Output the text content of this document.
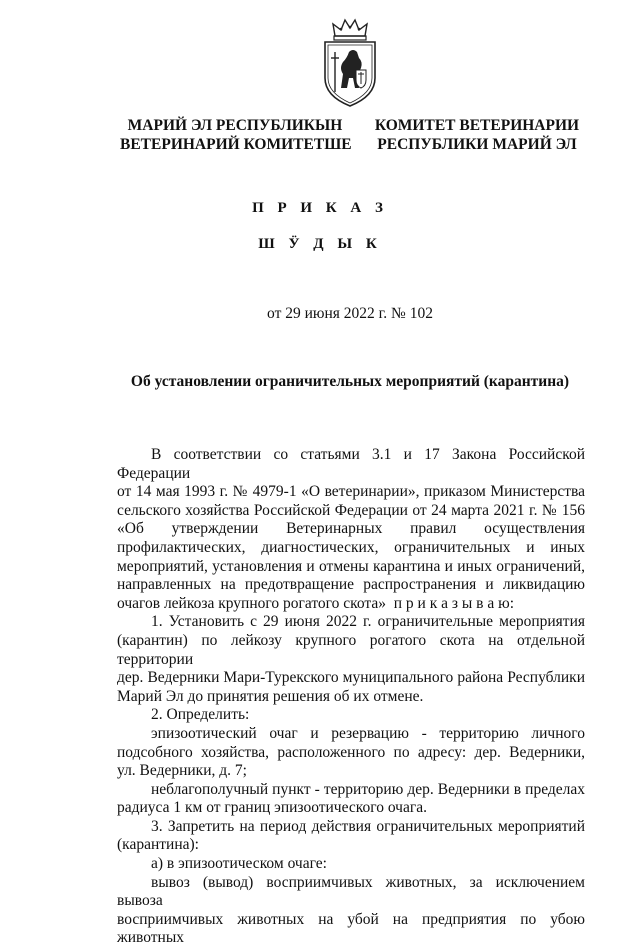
МАРИЙ ЭЛ РЕСПУБЛИКЫН
ВЕТЕРИНАРИЙ КОМИТЕТШЕ
КОМИТЕТ ВЕТЕРИНАРИИ
РЕСПУБЛИКИ МАРИЙ ЭЛ
П Р И К А З
Ш Ӱ Д Ы К
от 29 июня 2022 г. № 102
Об установлении ограничительных мероприятий (карантина)

В соответствии со статьями 3.1 и 17 Закона Российской Федерации
от 14 мая 1993 г. № 4979-1 «О ветеринарии», приказом Министерства
сельского хозяйства Российской Федерации от 24 марта 2021 г. № 156
«Об утверждении Ветеринарных правил осуществления
профилактических, диагностических, ограничительных и иных
мероприятий, установления и отмены карантина и иных ограничений,
направленных на предотвращение распространения и ликвидацию
очагов лейкоза крупного рогатого скота» п р и к а з ы в а ю:

1. Установить с 29 июня 2022 г. ограничительные мероприятия
(карантин) по лейкозу крупного рогатого скота на отдельной территории
дер. Ведерники Мари-Турекского муниципального района Республики
Марий Эл до принятия решения об их отмене.

2. Определить:

эпизоотический очаг и резервацию - территорию личного
подсобного хозяйства, расположенного по адресу: дер. Ведерники,
ул. Ведерники, д. 7;

неблагополучный пункт - территорию дер. Ведерники в пределах
радиуса 1 км от границ эпизоотического очага.

3. Запретить на период действия ограничительных мероприятий
(карантина):

а) в эпизоотическом очаге:

вывоз (вывод) восприимчивых животных, за исключением вывоза
восприимчивых животных на убой на предприятия по убою животных
